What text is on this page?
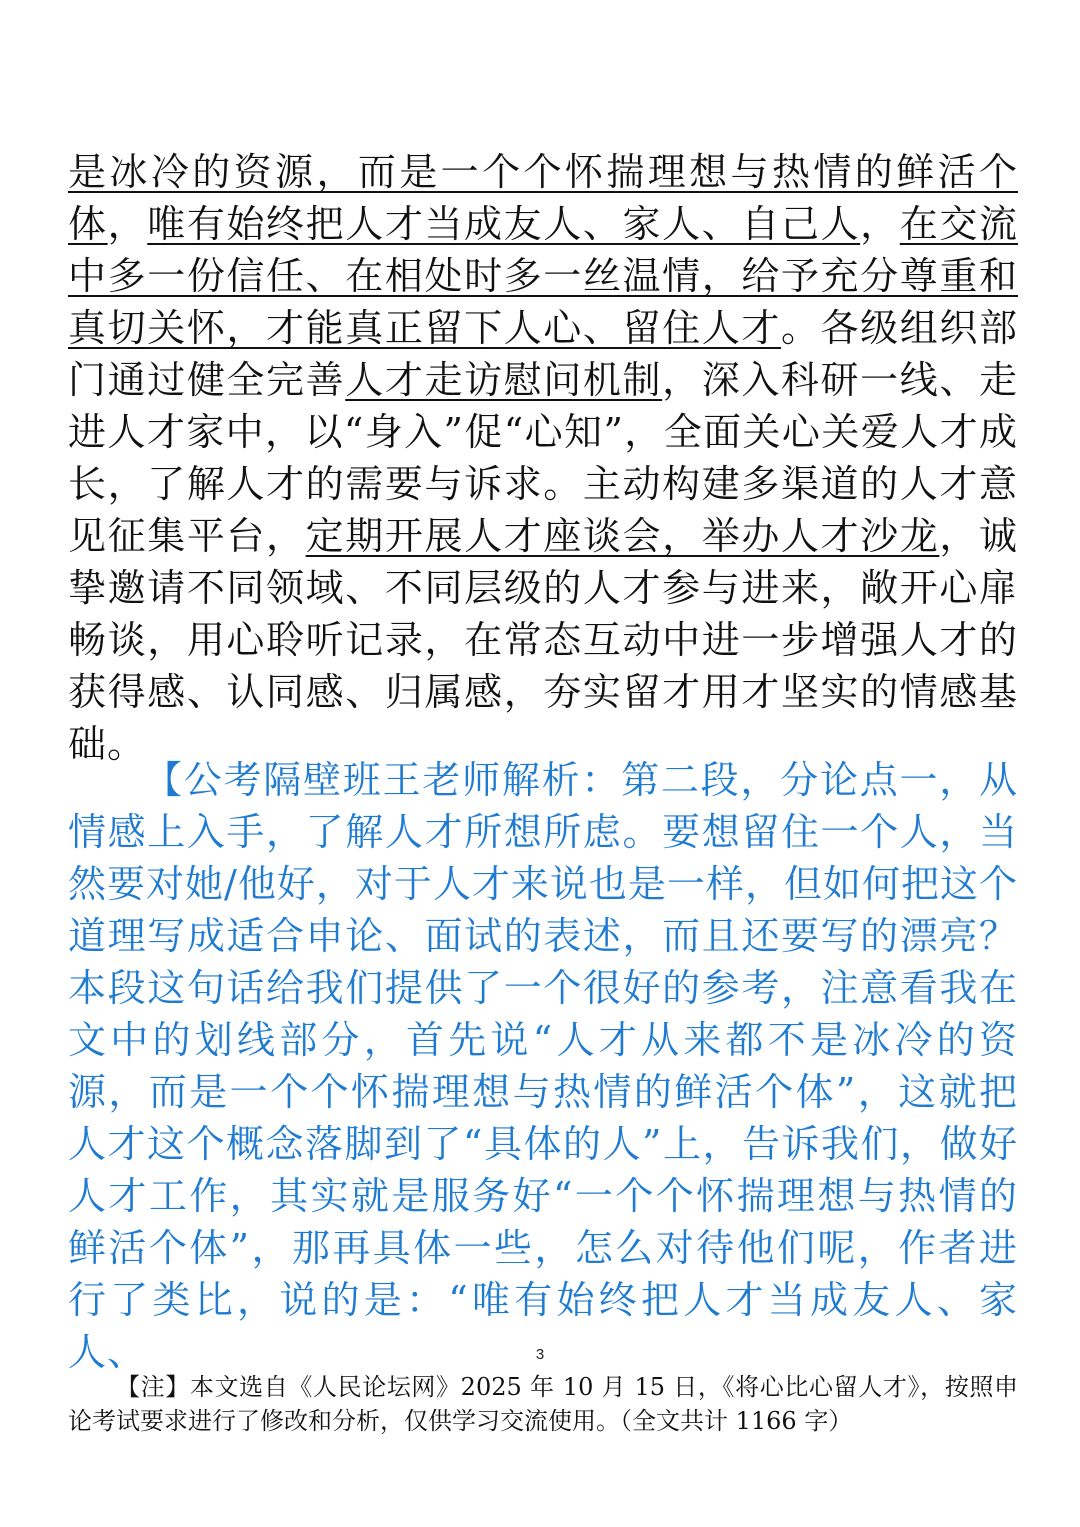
是冰冷的资源，而是一个个怀揣理想与热情的鲜活个体，唯有始终把人才当成友人、家人、自己人，在交流中多一份信任、在相处时多一丝温情，给予充分尊重和真切关怀，才能真正留下人心、留住人才。各级组织部门通过健全完善人才走访慰问机制，深入科研一线、走进人才家中，以“身入”促“心知”，全面关心关爱人才成长，了解人才的需要与诉求。主动构建多渠道的人才意见征集平台，定期开展人才座谈会，举办人才沙龙，诚挚邀请不同领域、不同层级的人才参与进来，敞开心扉畅谈，用心聆听记录，在常态互动中进一步增强人才的获得感、认同感、归属感，夯实留才用才坚实的情感基础。

【公考隔壁班王老师解析：第二段，分论点一，从情感上入手，了解人才所想所虑。要想留住一个人，当然要对她/他好，对于人才来说也是一样，但如何把这个道理写成适合申论、面试的表述，而且还要写的漂亮？本段这句话给我们提供了一个很好的参考，注意看我在文中的划线部分，首先说“人才从来都不是冰冷的资源，而是一个个怀揣理想与热情的鲜活个体”，这就把人才这个概念落脚到了“具体的人”上，告诉我们，做好人才工作，其实就是服务好“一个个怀揣理想与热情的鲜活个体”，那再具体一些，怎么对待他们呢，作者进行了类比，说的是：“唯有始终把人才当成友人、家人、	3

【注】本文选自《人民论坛网》2025 年 10 月 15 日，《将心比心留人才》，按照申论考试要求进行了修改和分析，仅供学习交流使用。（全文共计 1166 字）
